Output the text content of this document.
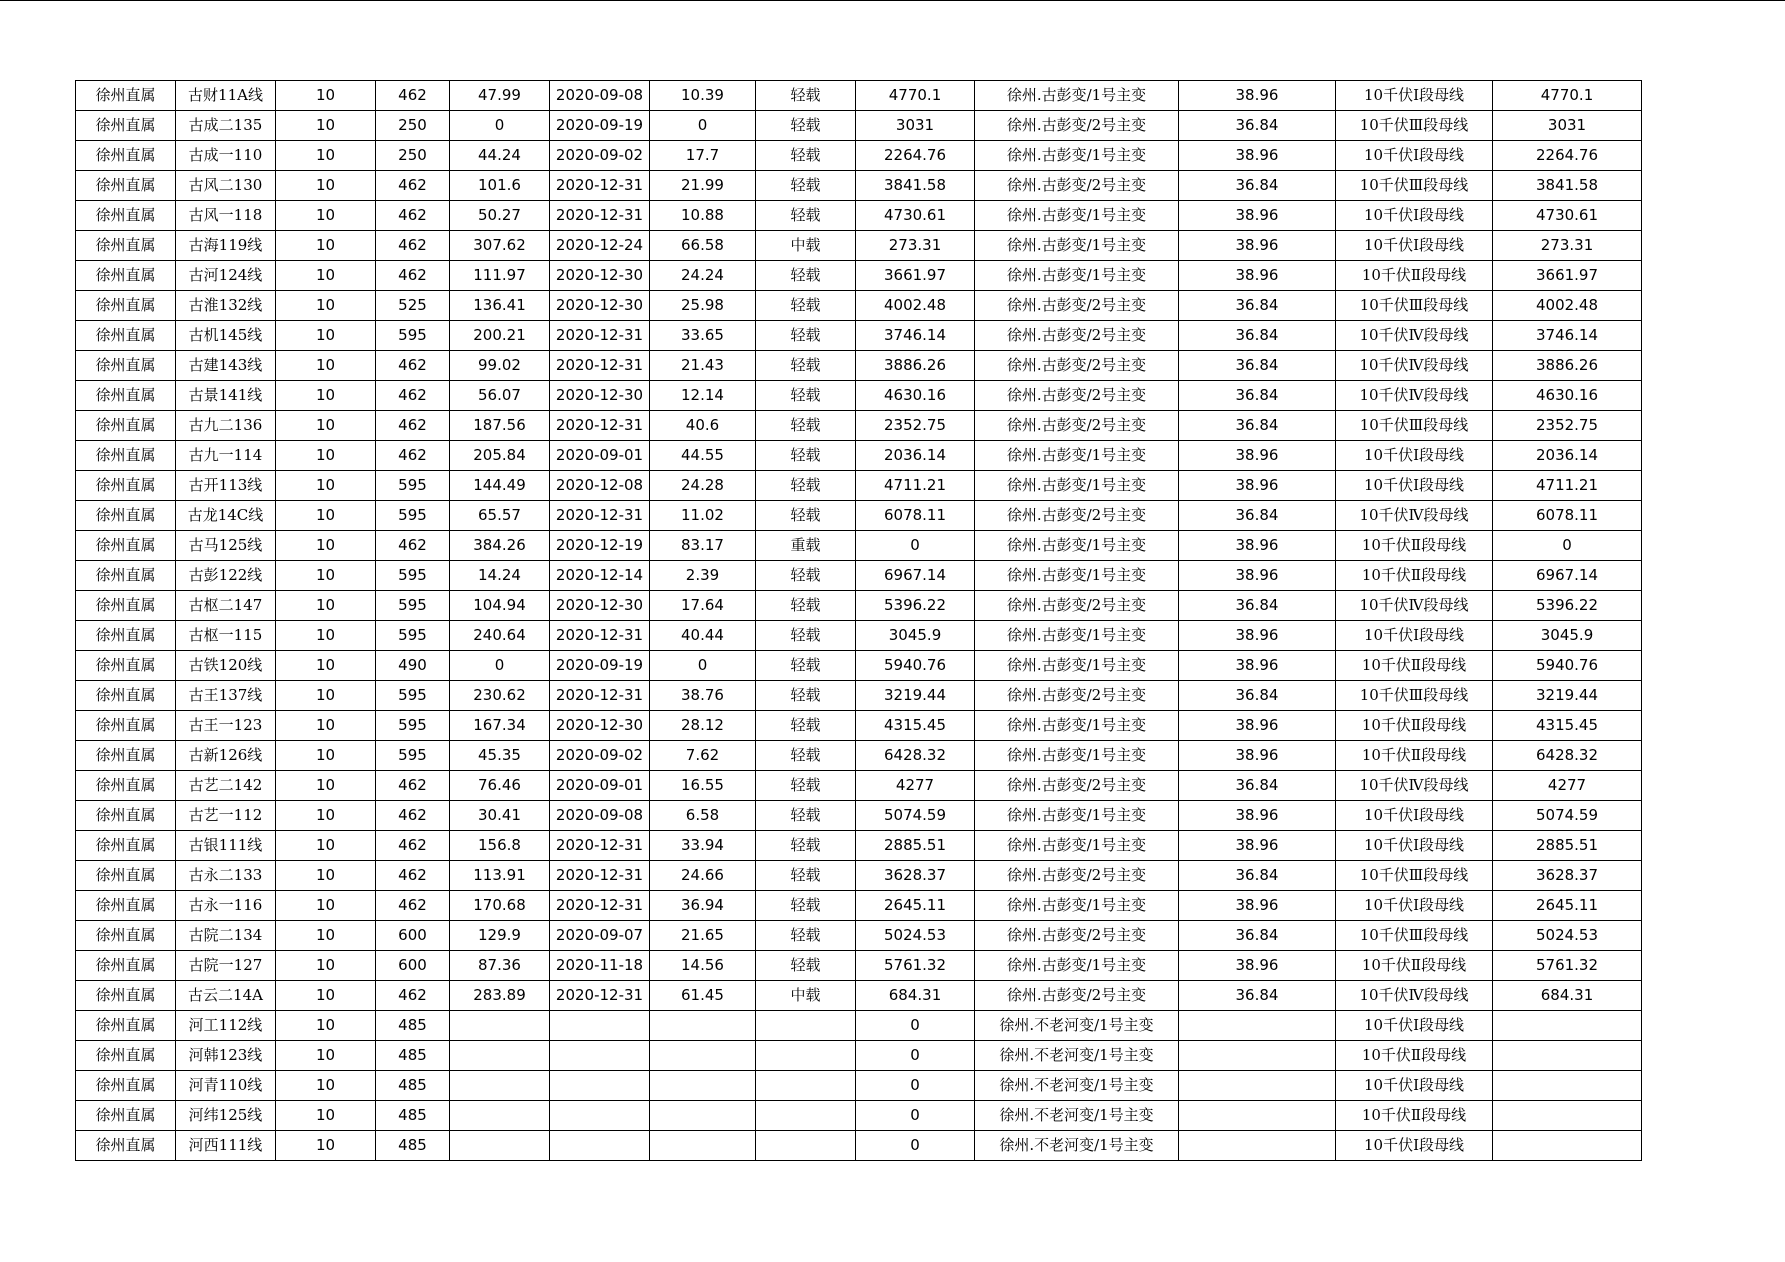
徐州直属	古财11A线	10	462	47.99	2020-09-08	10.39	轻载	4770.1	徐州.古彭变/1号主变	38.96	10千伏Ⅰ段母线	4770.1
徐州直属	古成二135	10	250	0	2020-09-19	0	轻载	3031	徐州.古彭变/2号主变	36.84	10千伏Ⅲ段母线	3031
徐州直属	古成一110	10	250	44.24	2020-09-02	17.7	轻载	2264.76	徐州.古彭变/1号主变	38.96	10千伏Ⅰ段母线	2264.76
徐州直属	古风二130	10	462	101.6	2020-12-31	21.99	轻载	3841.58	徐州.古彭变/2号主变	36.84	10千伏Ⅲ段母线	3841.58
徐州直属	古风一118	10	462	50.27	2020-12-31	10.88	轻载	4730.61	徐州.古彭变/1号主变	38.96	10千伏Ⅰ段母线	4730.61
徐州直属	古海119线	10	462	307.62	2020-12-24	66.58	中载	273.31	徐州.古彭变/1号主变	38.96	10千伏Ⅰ段母线	273.31
徐州直属	古河124线	10	462	111.97	2020-12-30	24.24	轻载	3661.97	徐州.古彭变/1号主变	38.96	10千伏Ⅱ段母线	3661.97
徐州直属	古淮132线	10	525	136.41	2020-12-30	25.98	轻载	4002.48	徐州.古彭变/2号主变	36.84	10千伏Ⅲ段母线	4002.48
徐州直属	古机145线	10	595	200.21	2020-12-31	33.65	轻载	3746.14	徐州.古彭变/2号主变	36.84	10千伏Ⅳ段母线	3746.14
徐州直属	古建143线	10	462	99.02	2020-12-31	21.43	轻载	3886.26	徐州.古彭变/2号主变	36.84	10千伏Ⅳ段母线	3886.26
徐州直属	古景141线	10	462	56.07	2020-12-30	12.14	轻载	4630.16	徐州.古彭变/2号主变	36.84	10千伏Ⅳ段母线	4630.16
徐州直属	古九二136	10	462	187.56	2020-12-31	40.6	轻载	2352.75	徐州.古彭变/2号主变	36.84	10千伏Ⅲ段母线	2352.75
徐州直属	古九一114	10	462	205.84	2020-09-01	44.55	轻载	2036.14	徐州.古彭变/1号主变	38.96	10千伏Ⅰ段母线	2036.14
徐州直属	古开113线	10	595	144.49	2020-12-08	24.28	轻载	4711.21	徐州.古彭变/1号主变	38.96	10千伏Ⅰ段母线	4711.21
徐州直属	古龙14C线	10	595	65.57	2020-12-31	11.02	轻载	6078.11	徐州.古彭变/2号主变	36.84	10千伏Ⅳ段母线	6078.11
徐州直属	古马125线	10	462	384.26	2020-12-19	83.17	重载	0	徐州.古彭变/1号主变	38.96	10千伏Ⅱ段母线	0
徐州直属	古彭122线	10	595	14.24	2020-12-14	2.39	轻载	6967.14	徐州.古彭变/1号主变	38.96	10千伏Ⅱ段母线	6967.14
徐州直属	古枢二147	10	595	104.94	2020-12-30	17.64	轻载	5396.22	徐州.古彭变/2号主变	36.84	10千伏Ⅳ段母线	5396.22
徐州直属	古枢一115	10	595	240.64	2020-12-31	40.44	轻载	3045.9	徐州.古彭变/1号主变	38.96	10千伏Ⅰ段母线	3045.9
徐州直属	古铁120线	10	490	0	2020-09-19	0	轻载	5940.76	徐州.古彭变/1号主变	38.96	10千伏Ⅱ段母线	5940.76
徐州直属	古王137线	10	595	230.62	2020-12-31	38.76	轻载	3219.44	徐州.古彭变/2号主变	36.84	10千伏Ⅲ段母线	3219.44
徐州直属	古王一123	10	595	167.34	2020-12-30	28.12	轻载	4315.45	徐州.古彭变/1号主变	38.96	10千伏Ⅱ段母线	4315.45
徐州直属	古新126线	10	595	45.35	2020-09-02	7.62	轻载	6428.32	徐州.古彭变/1号主变	38.96	10千伏Ⅱ段母线	6428.32
徐州直属	古艺二142	10	462	76.46	2020-09-01	16.55	轻载	4277	徐州.古彭变/2号主变	36.84	10千伏Ⅳ段母线	4277
徐州直属	古艺一112	10	462	30.41	2020-09-08	6.58	轻载	5074.59	徐州.古彭变/1号主变	38.96	10千伏Ⅰ段母线	5074.59
徐州直属	古银111线	10	462	156.8	2020-12-31	33.94	轻载	2885.51	徐州.古彭变/1号主变	38.96	10千伏Ⅰ段母线	2885.51
徐州直属	古永二133	10	462	113.91	2020-12-31	24.66	轻载	3628.37	徐州.古彭变/2号主变	36.84	10千伏Ⅲ段母线	3628.37
徐州直属	古永一116	10	462	170.68	2020-12-31	36.94	轻载	2645.11	徐州.古彭变/1号主变	38.96	10千伏Ⅰ段母线	2645.11
徐州直属	古院二134	10	600	129.9	2020-09-07	21.65	轻载	5024.53	徐州.古彭变/2号主变	36.84	10千伏Ⅲ段母线	5024.53
徐州直属	古院一127	10	600	87.36	2020-11-18	14.56	轻载	5761.32	徐州.古彭变/1号主变	38.96	10千伏Ⅱ段母线	5761.32
徐州直属	古云二14A	10	462	283.89	2020-12-31	61.45	中载	684.31	徐州.古彭变/2号主变	36.84	10千伏Ⅳ段母线	684.31
徐州直属	河工112线	10	485					0	徐州.不老河变/1号主变		10千伏Ⅰ段母线	
徐州直属	河韩123线	10	485					0	徐州.不老河变/1号主变		10千伏Ⅱ段母线	
徐州直属	河青110线	10	485					0	徐州.不老河变/1号主变		10千伏Ⅰ段母线	
徐州直属	河纬125线	10	485					0	徐州.不老河变/1号主变		10千伏Ⅱ段母线	
徐州直属	河西111线	10	485					0	徐州.不老河变/1号主变		10千伏Ⅰ段母线	
